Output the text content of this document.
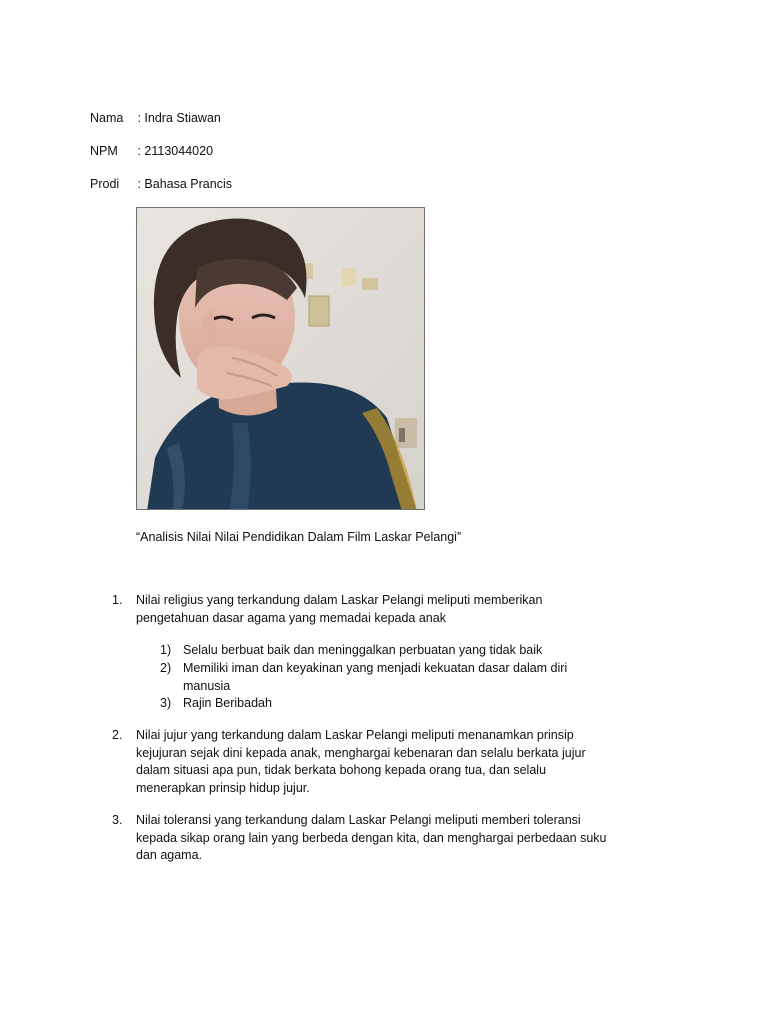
Nama : Indra Stiawan
NPM : 2113044020
Prodi : Bahasa Prancis
“Analisis Nilai Nilai Pendidikan Dalam Film Laskar Pelangi”
1. Nilai religius yang terkandung dalam Laskar Pelangi meliputi memberikan pengetahuan dasar agama yang memadai kepada anak
1) Selalu berbuat baik dan meninggalkan perbuatan yang tidak baik
2) Memiliki iman dan keyakinan yang menjadi kekuatan dasar dalam diri manusia
3) Rajin Beribadah
2. Nilai jujur yang terkandung dalam Laskar Pelangi meliputi menanamkan prinsip kejujuran sejak dini kepada anak, menghargai kebenaran dan selalu berkata jujur dalam situasi apa pun, tidak berkata bohong kepada orang tua, dan selalu menerapkan prinsip hidup jujur.
3. Nilai toleransi yang terkandung dalam Laskar Pelangi meliputi memberi toleransi kepada sikap orang lain yang berbeda dengan kita, dan menghargai perbedaan suku dan agama.
